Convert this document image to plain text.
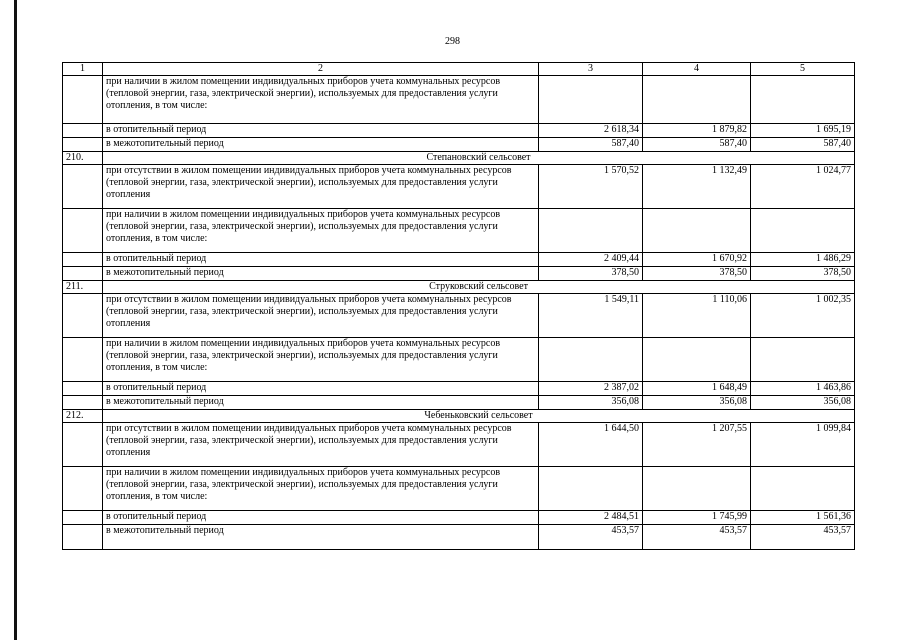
298
1	2	3	4	5
	при наличии в жилом помещении индивидуальных приборов учета коммунальных ресурсов (тепловой энергии, газа, электрической энергии), используемых для предоставления услуги отопления, в том числе:			
	в отопительный период	2 618,34	1 879,82	1 695,19
	в межотопительный период	587,40	587,40	587,40
210.	Степановский сельсовет			
	при отсутствии в жилом помещении индивидуальных приборов учета коммунальных ресурсов (тепловой энергии, газа, электрической энергии), используемых для предоставления услуги отопления	1 570,52	1 132,49	1 024,77
	при наличии в жилом помещении индивидуальных приборов учета коммунальных ресурсов (тепловой энергии, газа, электрической энергии), используемых для предоставления услуги отопления, в том числе:			
	в отопительный период	2 409,44	1 670,92	1 486,29
	в межотопительный период	378,50	378,50	378,50
211.	Струковский сельсовет			
	при отсутствии в жилом помещении индивидуальных приборов учета коммунальных ресурсов (тепловой энергии, газа, электрической энергии), используемых для предоставления услуги отопления	1 549,11	1 110,06	1 002,35
	при наличии в жилом помещении индивидуальных приборов учета коммунальных ресурсов (тепловой энергии, газа, электрической энергии), используемых для предоставления услуги отопления, в том числе:			
	в отопительный период	2 387,02	1 648,49	1 463,86
	в межотопительный период	356,08	356,08	356,08
212.	Чебеньковский сельсовет			
	при отсутствии в жилом помещении индивидуальных приборов учета коммунальных ресурсов (тепловой энергии, газа, электрической энергии), используемых для предоставления услуги отопления	1 644,50	1 207,55	1 099,84
	при наличии в жилом помещении индивидуальных приборов учета коммунальных ресурсов (тепловой энергии, газа, электрической энергии), используемых для предоставления услуги отопления, в том числе:			
	в отопительный период	2 484,51	1 745,99	1 561,36
	в межотопительный период	453,57	453,57	453,57
